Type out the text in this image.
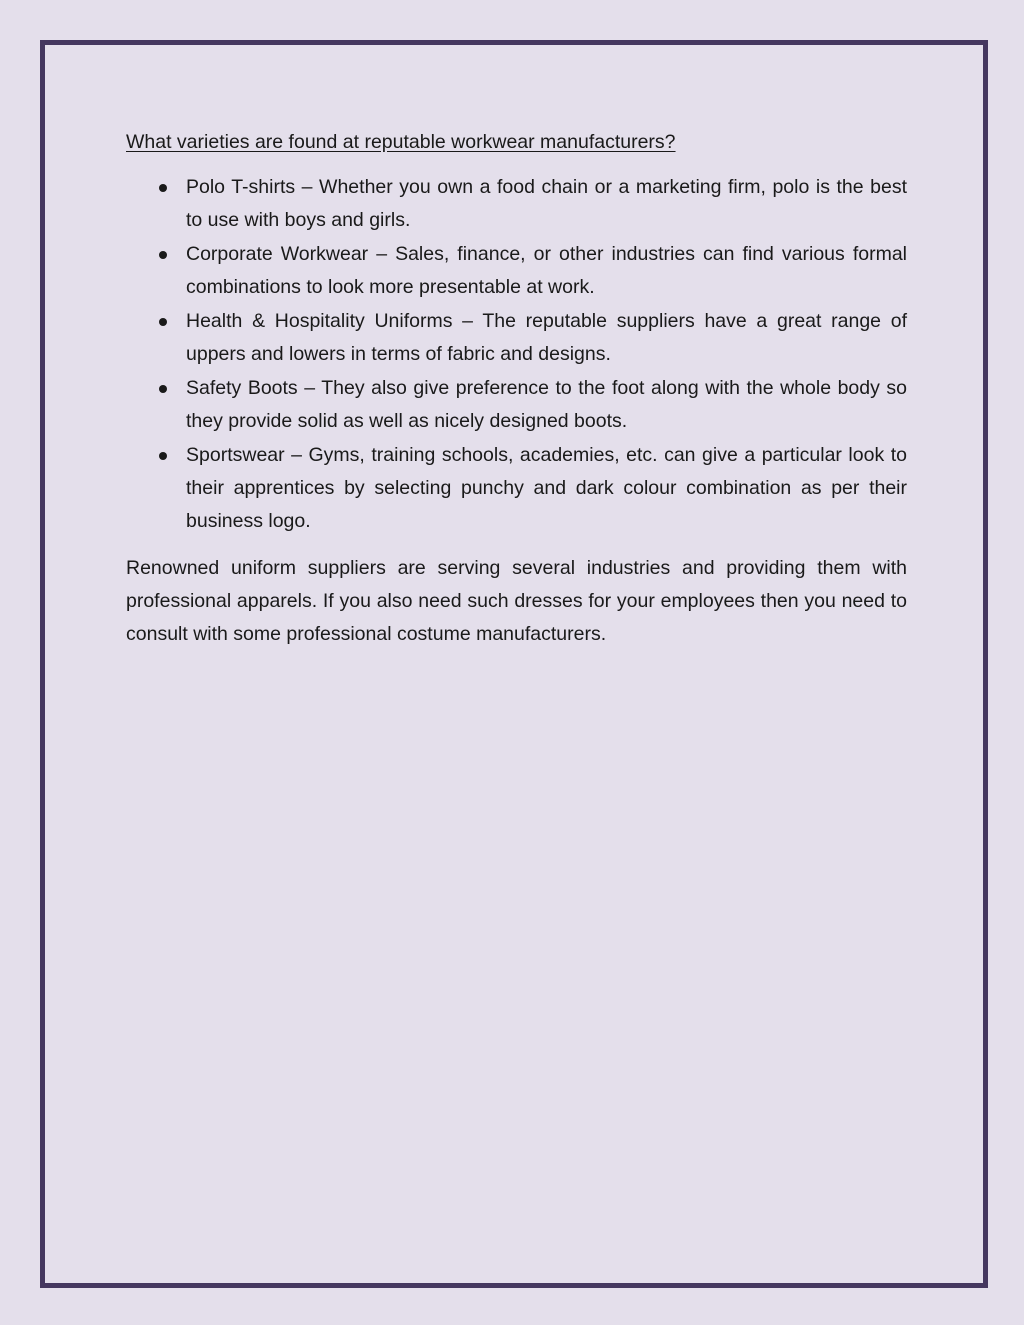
What varieties are found at reputable workwear manufacturers?

Polo T-shirts – Whether you own a food chain or a marketing firm, polo is the best to use with boys and girls.
Corporate Workwear – Sales, finance, or other industries can find various formal combinations to look more presentable at work.
Health & Hospitality Uniforms – The reputable suppliers have a great range of uppers and lowers in terms of fabric and designs.
Safety Boots – They also give preference to the foot along with the whole body so they provide solid as well as nicely designed boots.
Sportswear – Gyms, training schools, academies, etc. can give a particular look to their apprentices by selecting punchy and dark colour combination as per their business logo.

Renowned uniform suppliers are serving several industries and providing them with professional apparels. If you also need such dresses for your employees then you need to consult with some professional costume manufacturers.
